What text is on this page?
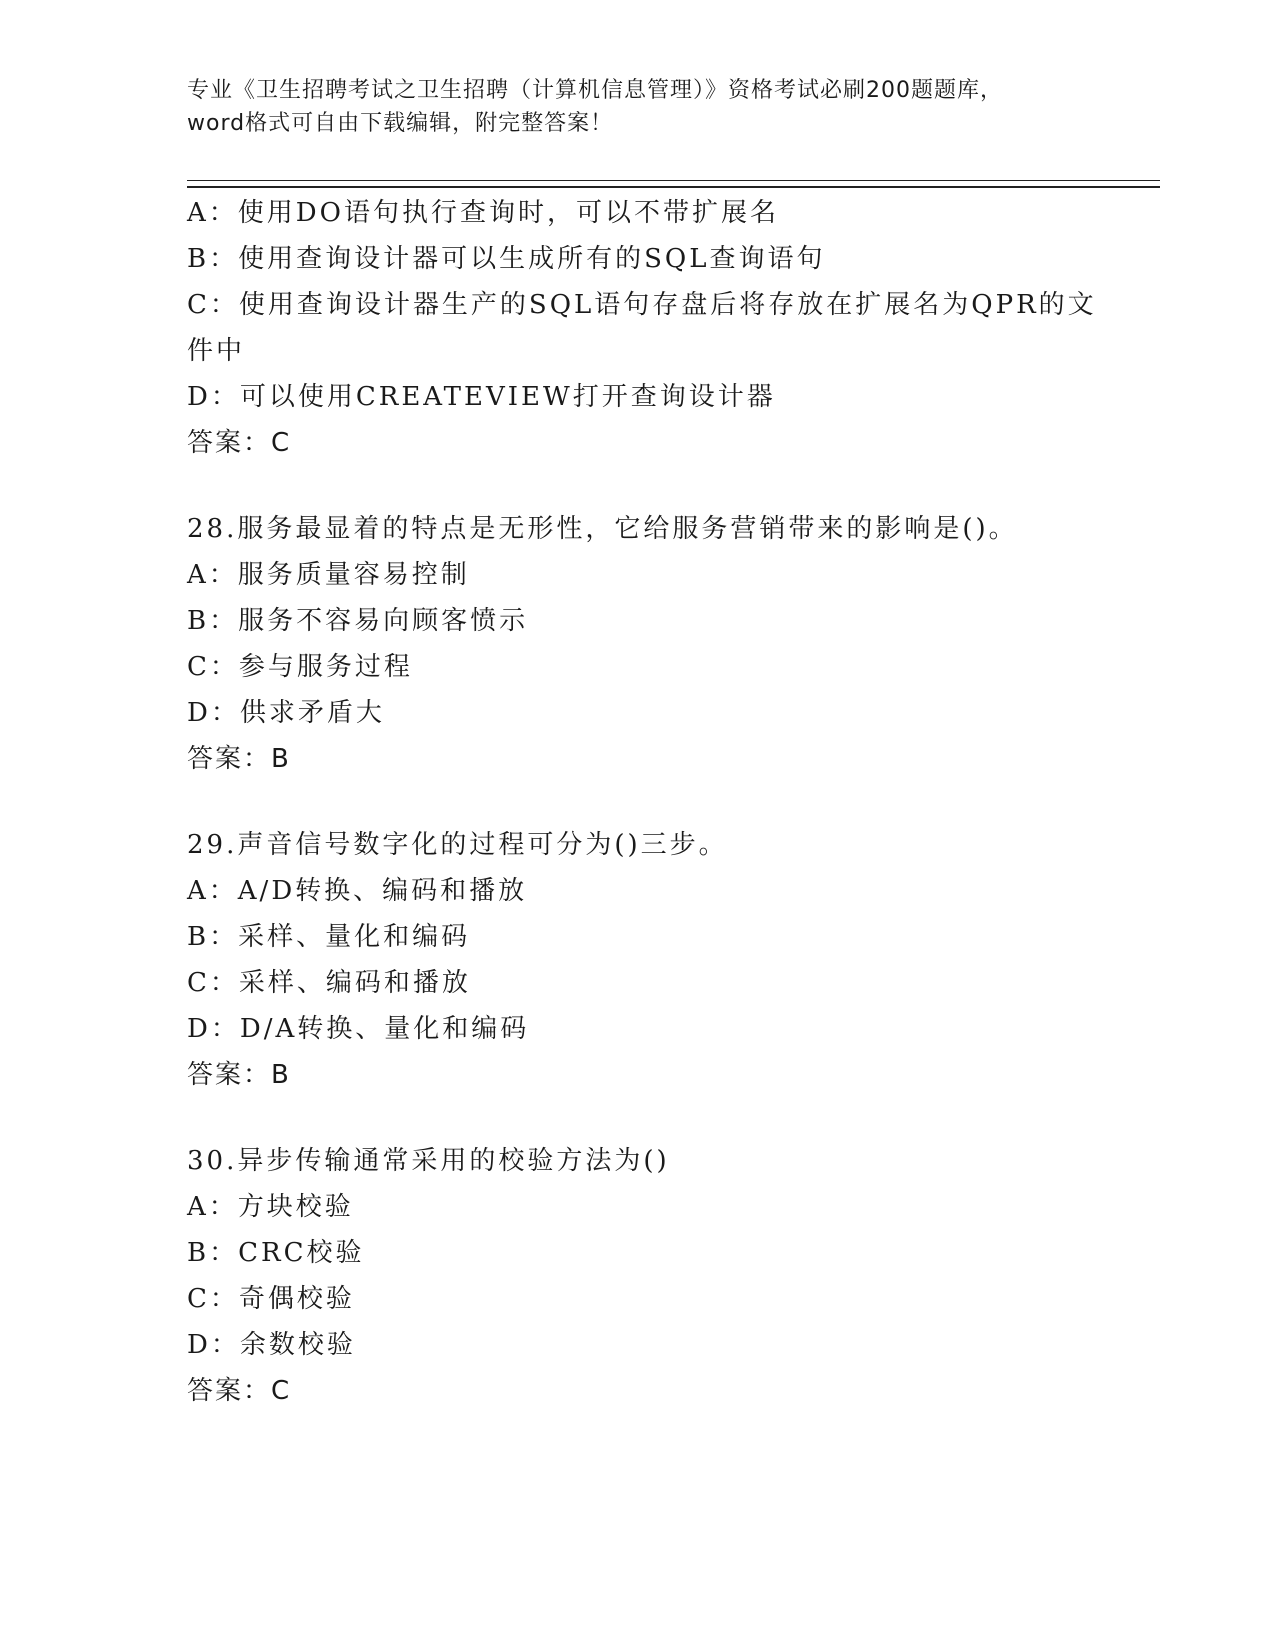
专业《卫生招聘考试之卫生招聘（计算机信息管理）》资格考试必刷200题题库，
word格式可自由下载编辑，附完整答案！
A：使用DO语句执行查询时，可以不带扩展名
B：使用查询设计器可以生成所有的SQL查询语句
C：使用查询设计器生产的SQL语句存盘后将存放在扩展名为QPR的文
件中
D：可以使用CREATEVIEW打开查询设计器
答案：C
28.服务最显着的特点是无形性，它给服务营销带来的影响是()。
A：服务质量容易控制
B：服务不容易向顾客愤示
C：参与服务过程
D：供求矛盾大
答案：B
29.声音信号数字化的过程可分为()三步。
A：A/D转换、编码和播放
B：采样、量化和编码
C：采样、编码和播放
D：D/A转换、量化和编码
答案：B
30.异步传输通常采用的校验方法为()
A：方块校验
B：CRC校验
C：奇偶校验
D：余数校验
答案：C
